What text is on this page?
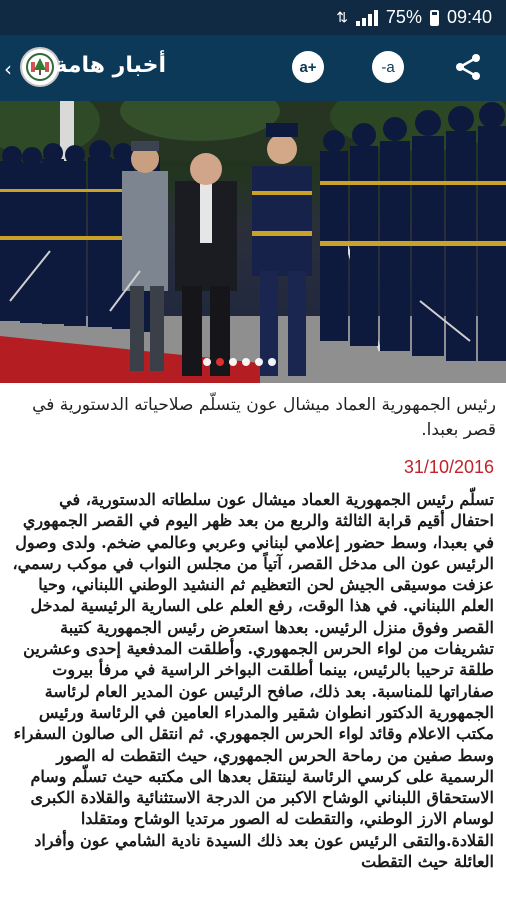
⇅ 75% 09:40
‹ أخبار هامة	a+	-a
رئيس الجمهورية العماد ميشال عون يتسلّم صلاحياته الدستورية في قصر بعبدا.
31/10/2016
تسلّم رئيس الجمهورية العماد ميشال عون سلطاته الدستورية، في احتفال أقيم قرابة الثالثة والربع من بعد ظهر اليوم في القصر الجمهوري في بعبدا، وسط حضور إعلامي لبناني وعربي وعالمي ضخم. ولدى وصول الرئيس عون الى مدخل القصر، آتياً من مجلس النواب في موكب رسمي، عزفت موسيقى الجيش لحن التعظيم ثم النشيد الوطني اللبناني، وحيا العلم اللبناني. في هذا الوقت، رفع العلم على السارية الرئيسية لمدخل القصر وفوق منزل الرئيس. بعدها استعرض رئيس الجمهورية كتيبة تشريفات من لواء الحرس الجمهوري. وأطلقت المدفعية إحدى وعشرين طلقة ترحيبا بالرئيس، بينما أطلقت البواخر الراسية في مرفأ بيروت صفاراتها للمناسبة. بعد ذلك، صافح الرئيس عون المدير العام لرئاسة الجمهورية الدكتور انطوان شقير والمدراء العامين في الرئاسة ورئيس مكتب الاعلام وقائد لواء الحرس الجمهوري. ثم انتقل الى صالون السفراء وسط صفين من رماحة الحرس الجمهوري، حيث التقطت له الصور الرسمية على كرسي الرئاسة لينتقل بعدها الى مكتبه حيث تسلّم وسام الاستحقاق اللبناني الوشاح الاكبر من الدرجة الاستثنائية والقلادة الكبرى لوسام الارز الوطني، والتقطت له الصور مرتديا الوشاح ومتقلدا القلادة.والتقى الرئيس عون بعد ذلك السيدة نادية الشامي عون وأفراد العائلة حيث التقطت
